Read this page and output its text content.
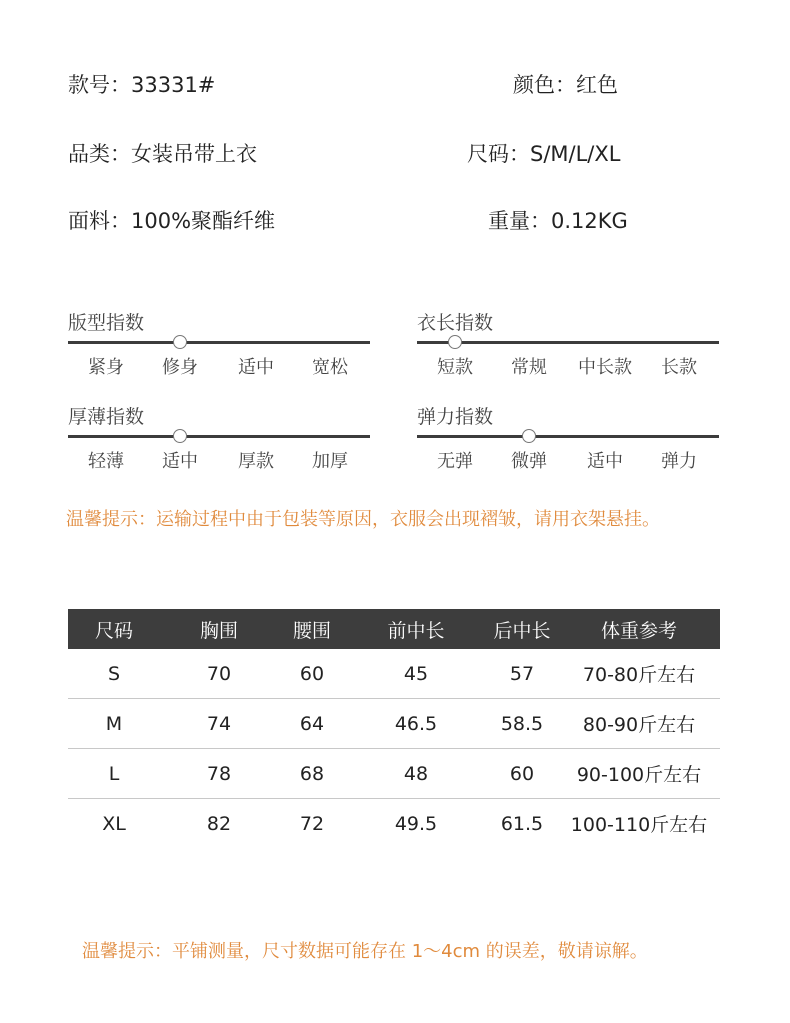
款号：33331#	颜色：红色
品类：女装吊带上衣	尺码：S/M/L/XL
面料：100%聚酯纤维	重量：0.12KG
版型指数
紧身 修身 适中 宽松
衣长指数
短款 常规 中长款 长款
厚薄指数
轻薄 适中 厚款 加厚
弹力指数
无弹 微弹 适中 弹力
温馨提示：运输过程中由于包装等原因，衣服会出现褶皱，请用衣架悬挂。
尺码	胸围	腰围	前中长	后中长	体重参考
S	70	60	45	57	70-80斤左右
M	74	64	46.5	58.5	80-90斤左右
L	78	68	48	60	90-100斤左右
XL	82	72	49.5	61.5	100-110斤左右
温馨提示：平铺测量，尺寸数据可能存在 1～4cm 的误差，敬请谅解。
